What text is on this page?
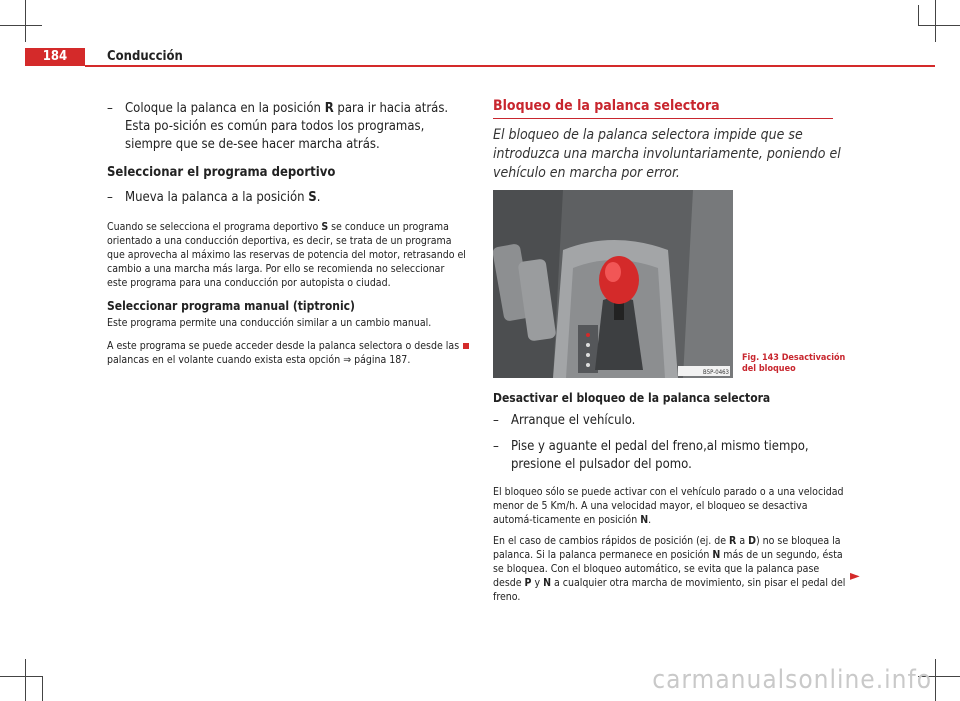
184	Conducción
– Coloque la palanca en la posición R para ir hacia atrás. Esta po-sición es común para todos los programas, siempre que se de-see hacer marcha atrás.
Seleccionar el programa deportivo
– Mueva la palanca a la posición S.

Cuando se selecciona el programa deportivo S se conduce un programa orientado a una conducción deportiva, es decir, se trata de un programa que aprovecha al máximo las reservas de potencia del motor, retrasando el cambio a una marcha más larga. Por ello se recomienda no seleccionar este programa para una conducción por autopista o ciudad.

Seleccionar programa manual (tiptronic)

Este programa permite una conducción similar a un cambio manual.

A este programa se puede acceder desde la palanca selectora o desde las palancas en el volante cuando exista esta opción ⇒ página 187.

Bloqueo de la palanca selectora
El bloqueo de la palanca selectora impide que se introduzca una marcha involuntariamente, poniendo el vehículo en marcha por error.
B5P-0463
Fig. 143 Desactivación del bloqueo
Desactivar el bloqueo de la palanca selectora
– Arranque el vehículo.
– Pise y aguante el pedal del freno,al mismo tiempo, presione el pulsador del pomo.

El bloqueo sólo se puede activar con el vehículo parado o a una velocidad menor de 5 Km/h. A una velocidad mayor, el bloqueo se desactiva automá-ticamente en posición N.

En el caso de cambios rápidos de posición (ej. de R a D) no se bloquea la palanca. Si la palanca permanece en posición N más de un segundo, ésta se bloquea. Con el bloqueo automático, se evita que la palanca pase desde P y N a cualquier otra marcha de movimiento, sin pisar el pedal del freno.

►
carmanualsonline.info
